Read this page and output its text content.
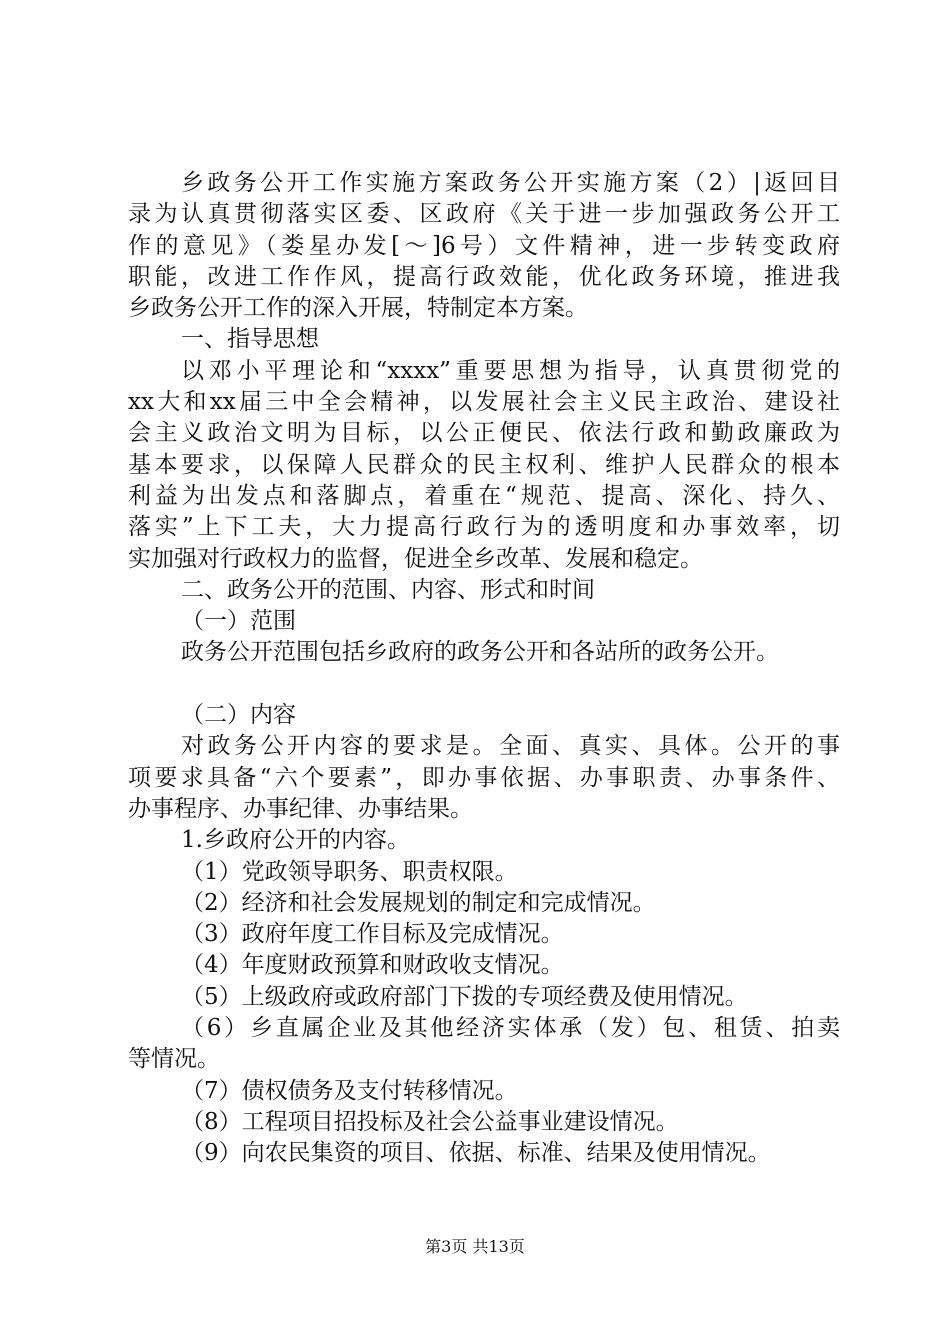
乡政务公开工作实施方案政务公开实施方案（2）|返回目
录为认真贯彻落实区委、区政府《关于进一步加强政务公开工
作的意见》（娄星办发[～]6号）文件精神，进一步转变政府
职能，改进工作作风，提高行政效能，优化政务环境，推进我
乡政务公开工作的深入开展，特制定本方案。
一、指导思想
以邓小平理论和“xxxx”重要思想为指导，认真贯彻党的
xx大和xx届三中全会精神，以发展社会主义民主政治、建设社
会主义政治文明为目标，以公正便民、依法行政和勤政廉政为
基本要求，以保障人民群众的民主权利、维护人民群众的根本
利益为出发点和落脚点，着重在“规范、提高、深化、持久、
落实”上下工夫，大力提高行政行为的透明度和办事效率，切
实加强对行政权力的监督，促进全乡改革、发展和稳定。
二、政务公开的范围、内容、形式和时间
（一）范围
政务公开范围包括乡政府的政务公开和各站所的政务公开。
（二）内容
对政务公开内容的要求是。全面、真实、具体。公开的事
项要求具备“六个要素”，即办事依据、办事职责、办事条件、
办事程序、办事纪律、办事结果。
1.乡政府公开的内容。
（1）党政领导职务、职责权限。
（2）经济和社会发展规划的制定和完成情况。
（3）政府年度工作目标及完成情况。
（4）年度财政预算和财政收支情况。
（5）上级政府或政府部门下拨的专项经费及使用情况。
（6）乡直属企业及其他经济实体承（发）包、租赁、拍卖
等情况。
（7）债权债务及支付转移情况。
（8）工程项目招投标及社会公益事业建设情况。
（9）向农民集资的项目、依据、标准、结果及使用情况。
第3页 共13页
